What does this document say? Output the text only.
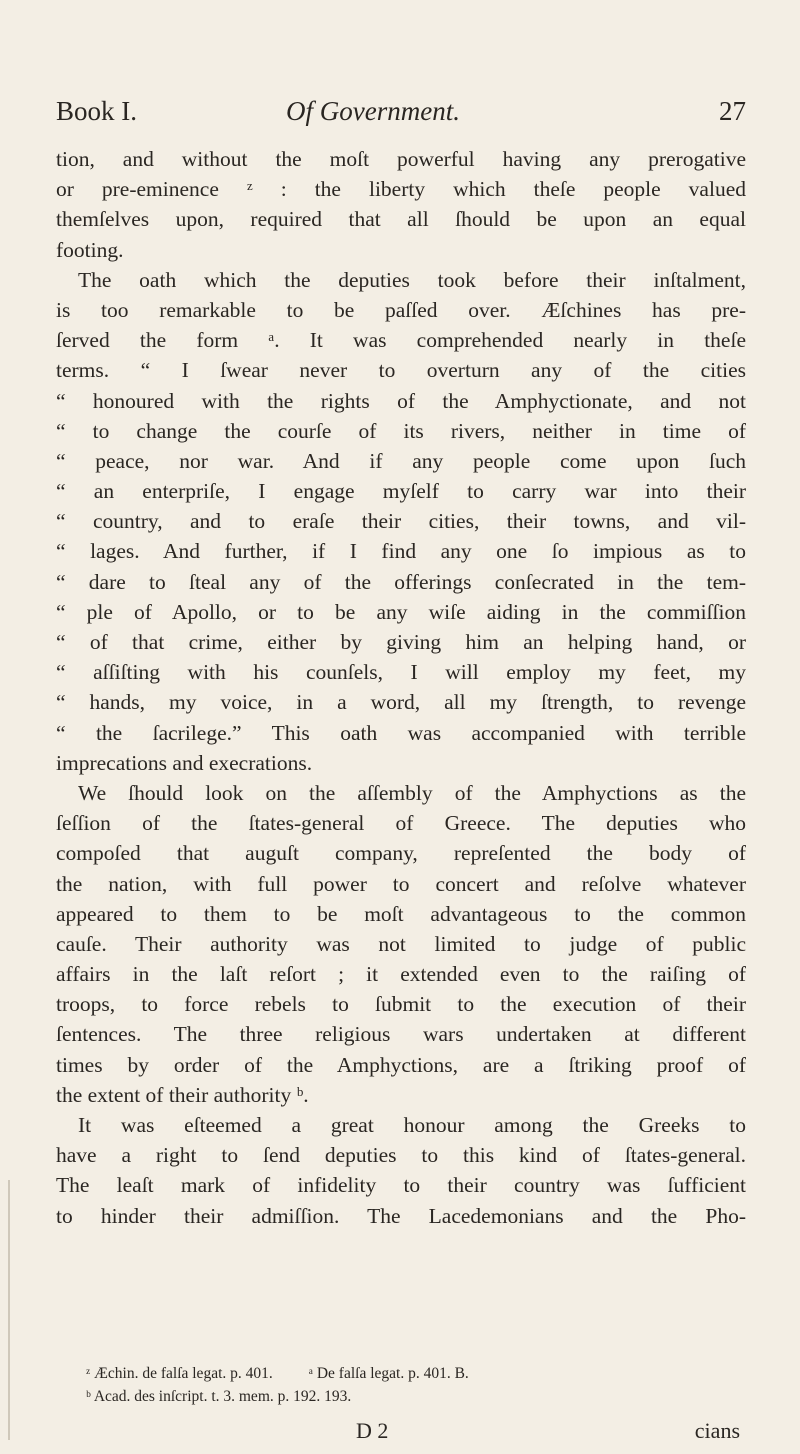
Book I.	Of Government.	27
tion, and without the moſt powerful having any prerogative
or pre-eminence ᶻ : the liberty which theſe people valued
themſelves upon, required that all ſhould be upon an equal
footing.
The oath which the deputies took before their inſtalment,
is too remarkable to be paſſed over. Æſchines has pre-
ſerved the form ᵃ. It was comprehended nearly in theſe
terms. “ I ſwear never to overturn any of the cities
“ honoured with the rights of the Amphyctionate, and not
“ to change the courſe of its rivers, neither in time of
“ peace, nor war. And if any people come upon ſuch
“ an enterpriſe, I engage myſelf to carry war into their
“ country, and to eraſe their cities, their towns, and vil-
“ lages. And further, if I find any one ſo impious as to
“ dare to ſteal any of the offerings conſecrated in the tem-
“ ple of Apollo, or to be any wiſe aiding in the commiſſion
“ of that crime, either by giving him an helping hand, or
“ aſſiſting with his counſels, I will employ my feet, my
“ hands, my voice, in a word, all my ſtrength, to revenge
“ the ſacrilege.” This oath was accompanied with terrible
imprecations and execrations.
We ſhould look on the aſſembly of the Amphyctions as the
ſeſſion of the ſtates-general of Greece. The deputies who
compoſed that auguſt company, repreſented the body of
the nation, with full power to concert and reſolve whatever
appeared to them to be moſt advantageous to the common
cauſe. Their authority was not limited to judge of public
affairs in the laſt reſort ; it extended even to the raiſing of
troops, to force rebels to ſubmit to the execution of their
ſentences. The three religious wars undertaken at different
times by order of the Amphyctions, are a ſtriking proof of
the extent of their authority ᵇ.
It was eſteemed a great honour among the Greeks to
have a right to ſend deputies to this kind of ſtates-general.
The leaſt mark of infidelity to their country was ſufficient
to hinder their admiſſion. The Lacedemonians and the Pho-
ᶻ Æchin. de falſa legat. p. 401. ᵃ De falſa legat. p. 401. B.
ᵇ Acad. des inſcript. t. 3. mem. p. 192. 193.
D 2	cians
